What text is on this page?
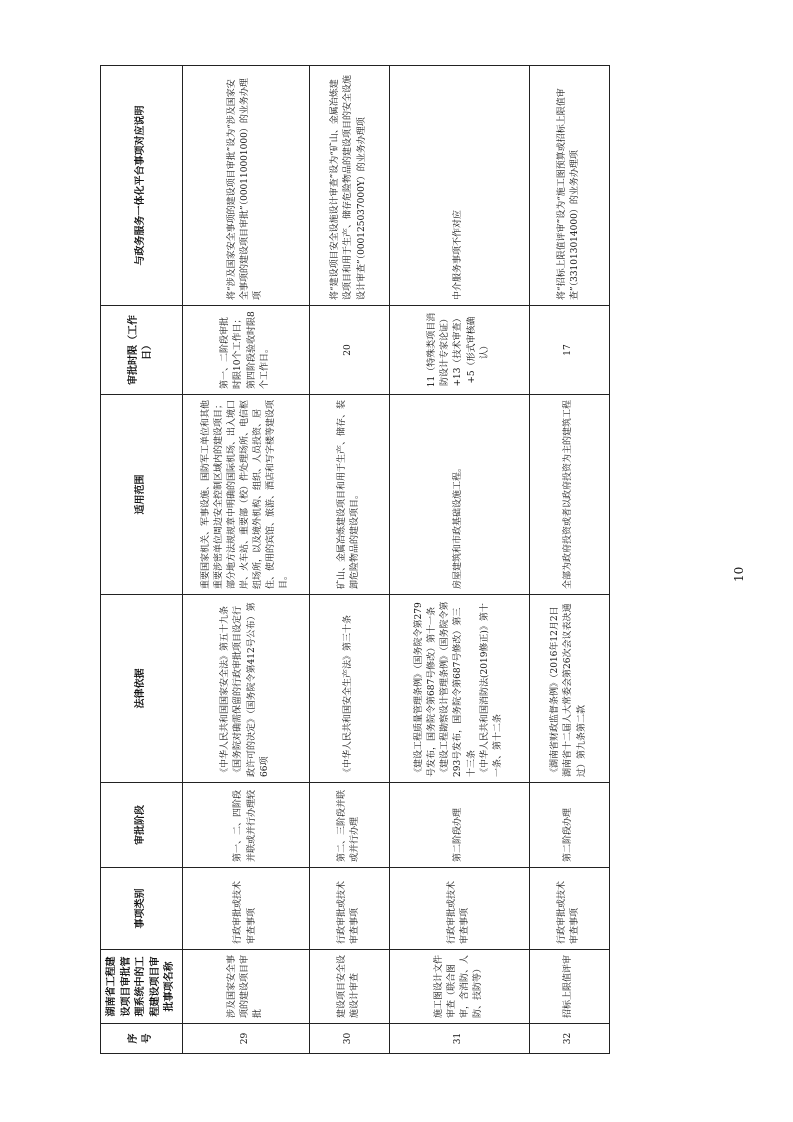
序号	湖南省工程建设项目审批管理系统中的工程建设项目审批事项名称	事项类别	审批阶段	法律依据	适用范围	审批时限（工作日）	与政务服务一体化平台事项对应说明
29	涉及国家安全事项的建设项目审批	行政审批或技术审查事项	第一、二、四阶段并联或并行办理较	《中华人民共和国国家安全法》第五十九条 《国务院对确需保留的行政审批项目设定行政许可的决定》（国务院令第412号公布）第66项	重要国家机关、军事设施、国防军工单位和其他重要涉密单位周边安全控制区域内的建设项目；部分地方法规规章中明确的国际机场、出入境口岸、火车站、重要部（校）件处理场所、电信枢纽场所，以及境外机构、组织、人员投资、居住、使用的宾馆、旅游、酒店和写字楼等建设项目。	第一、二阶段审批时限10个工作日；第四阶段验收时限8个工作日。	将“涉及国家安全事项的建设项目审批”设为“涉及国家安全事项的建设项目审批”（000110001000）的业务办理项
30	建设项目安全设施设计审查	行政审批或技术审查事项	第二、三阶段并联或并行办理	《中华人民共和国安全生产法》第三十条	矿山、金属冶炼建设项目和用于生产、储存、装卸危险物品的建设项目。	20	将“建设项目安全设施设计审查”设为“矿山、金属冶炼建设项目和用于生产、储存危险物品的建设项目的安全设施设计审查”（000125037000Y）的业务办理项
31	施工图设计文件审查（联合图审，含消防、人防、技防等）	行政审批或技术审查事项	第二阶段办理	《建设工程质量管理条例》（国务院令第279号发布，国务院令第687号修改）第十一条 《建设工程勘察设计管理条例》（国务院令第293号发布，国务院令第687号修改）第三十三条 《中华人民共和国消防法(2019修正)》第十一条、第十二条	房屋建筑和市政基础设施工程。	11（特殊类项目消防设计专家论证）+13（技术审查）+5（形式审核确认）	中介服务事项不作对应
32	招标上限值评审	行政审批或技术审查事项	第二阶段办理	《湖南省财政监督条例》（2016年12月2日湖南省十二届人大常委会第26次会议表决通过）第九条第二款	全部为政府投资或者以政府投资为主的建筑工程	17	将“招标上限值评审”设为“施工图预算或招标上限值审查”（331013014000）的业务办理项
10
